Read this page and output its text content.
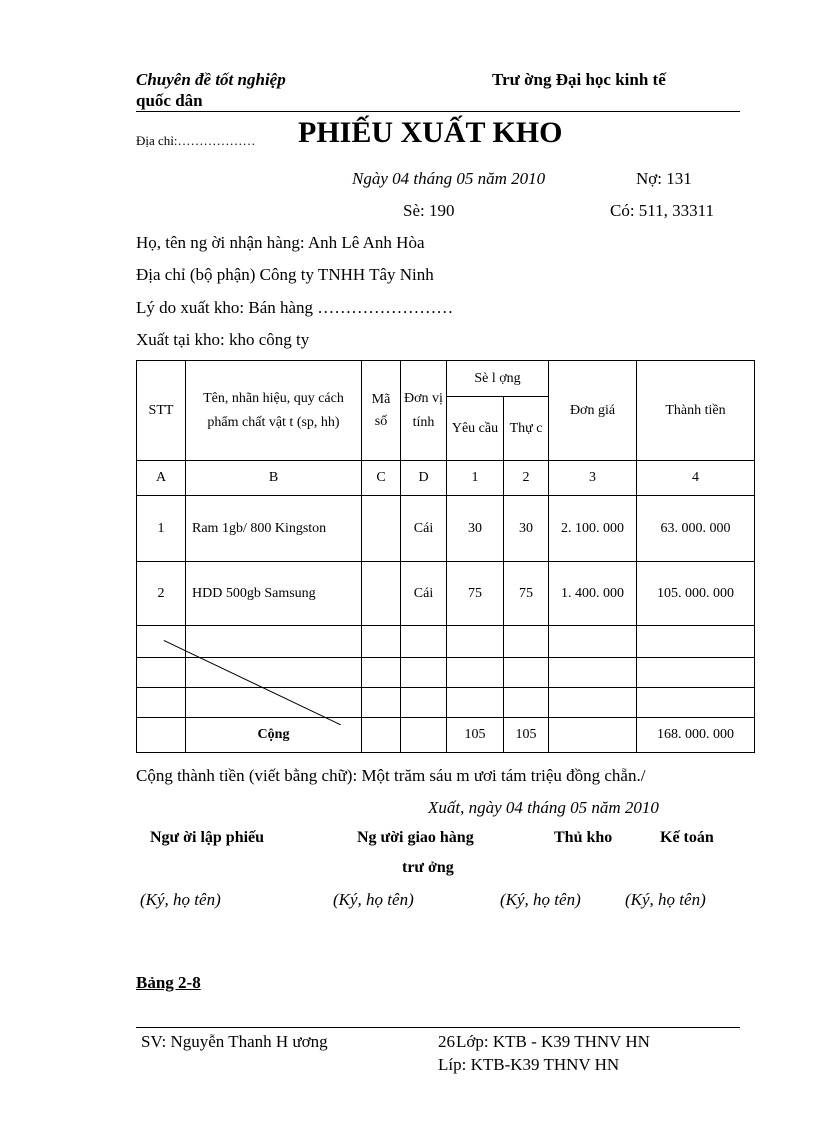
Chuyên đề tốt nghiệp
quốc dân
Trư ờng Đại học kinh tế
Địa chỉ:……………… PHIẾU XUẤT KHO
Ngày 04 tháng 05 năm 2010	Nợ: 131
Sè: 190	Có: 511, 33311
Họ, tên ng ời nhận hàng: Anh Lê Anh Hòa
Địa chỉ (bộ phận) Công ty TNHH Tây Ninh
Lý do xuất kho: Bán hàng ……………………
Xuất tại kho: kho công ty
STT	Tên, nhãn hiệu, quy cách phẩm chất vật t (sp, hh)	Mã số	Đơn vị tính	Sè l ợng		Đơn giá	Thành tiền
				Yêu cầu	Thự c		
A	B	C	D	1	2	3	4
1	Ram 1gb/ 800 Kingston		Cái	30	30	2. 100. 000	63. 000. 000
2	HDD 500gb Samsung		Cái	75	75	1. 400. 000	105. 000. 000

	Cộng			105	105		168. 000. 000
Cộng thành tiền (viết bằng chữ): Một trăm sáu m ươi tám triệu đồng chẵn./
Xuất, ngày 04 tháng 05 năm 2010
Ngư ời lập phiếu	Ng ười giao hàng
trư ởng
Thủ kho	Kế toán
(Ký, họ tên)	(Ký, họ tên)	(Ký, họ tên)	(Ký, họ tên)
Bảng 2-8
SV: Nguyễn Thanh H ương	26 Lớp: KTB - K39 THNV HN
Líp: KTB-K39 THNV HN
